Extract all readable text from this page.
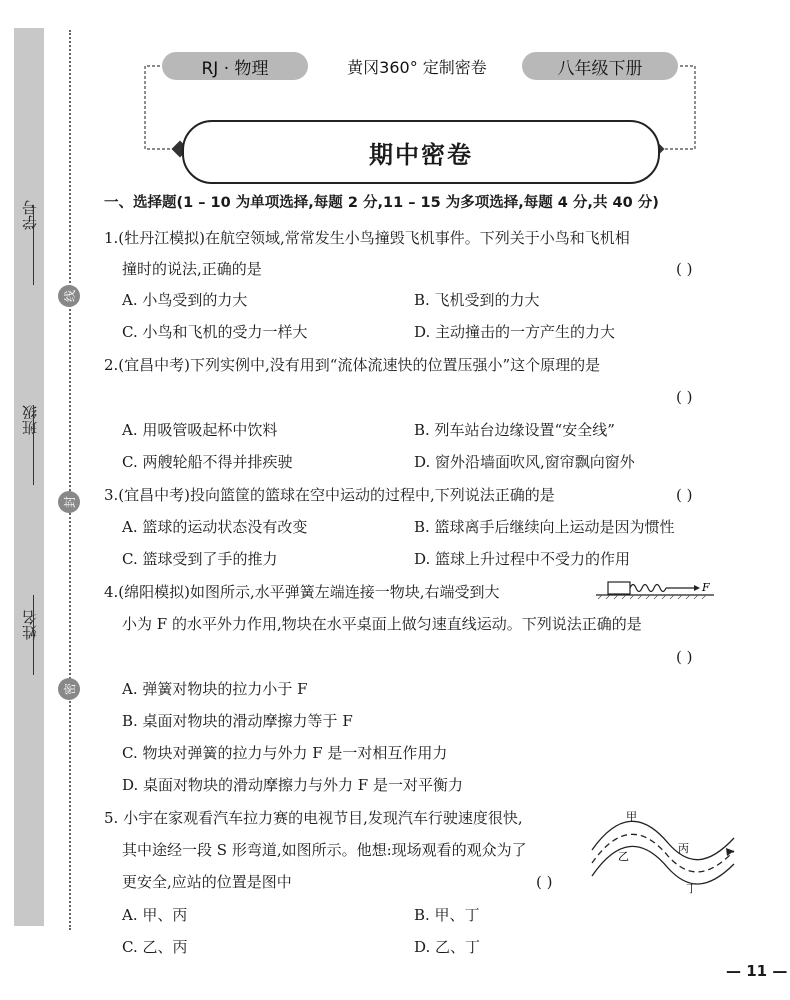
学号
班级
姓名
线
封
密
RJ · 物理	黄冈360° 定制密卷	八年级下册
期中密卷
一、选择题(1 – 10 为单项选择,每题 2 分,11 – 15 为多项选择,每题 4 分,共 40 分)
1.(牡丹江模拟)在航空领域,常常发生小鸟撞毁飞机事件。下列关于小鸟和飞机相
撞时的说法,正确的是	( )
A. 小鸟受到的力大	B. 飞机受到的力大
C. 小鸟和飞机的受力一样大	D. 主动撞击的一方产生的力大
2.(宜昌中考)下列实例中,没有用到“流体流速快的位置压强小”这个原理的是
( )
A. 用吸管吸起杯中饮料	B. 列车站台边缘设置“安全线”
C. 两艘轮船不得并排疾驶	D. 窗外沿墙面吹风,窗帘飘向窗外
3.(宜昌中考)投向篮筐的篮球在空中运动的过程中,下列说法正确的是	( )
A. 篮球的运动状态没有改变	B. 篮球离手后继续向上运动是因为惯性
C. 篮球受到了手的推力	D. 篮球上升过程中不受力的作用
4.(绵阳模拟)如图所示,水平弹簧左端连接一物块,右端受到大	F
小为 F 的水平外力作用,物块在水平桌面上做匀速直线运动。下列说法正确的是
( )
A. 弹簧对物块的拉力小于 F
B. 桌面对物块的滑动摩擦力等于 F
C. 物块对弹簧的拉力与外力 F 是一对相互作用力
D. 桌面对物块的滑动摩擦力与外力 F 是一对平衡力
5. 小宇在家观看汽车拉力赛的电视节目,发现汽车行驶速度很快,
其中途经一段 S 形弯道,如图所示。他想:现场观看的观众为了
更安全,应站的位置是图中	( )
甲
乙
丙
丁
A. 甲、丙	B. 甲、丁
C. 乙、丙	D. 乙、丁
— 11 —
